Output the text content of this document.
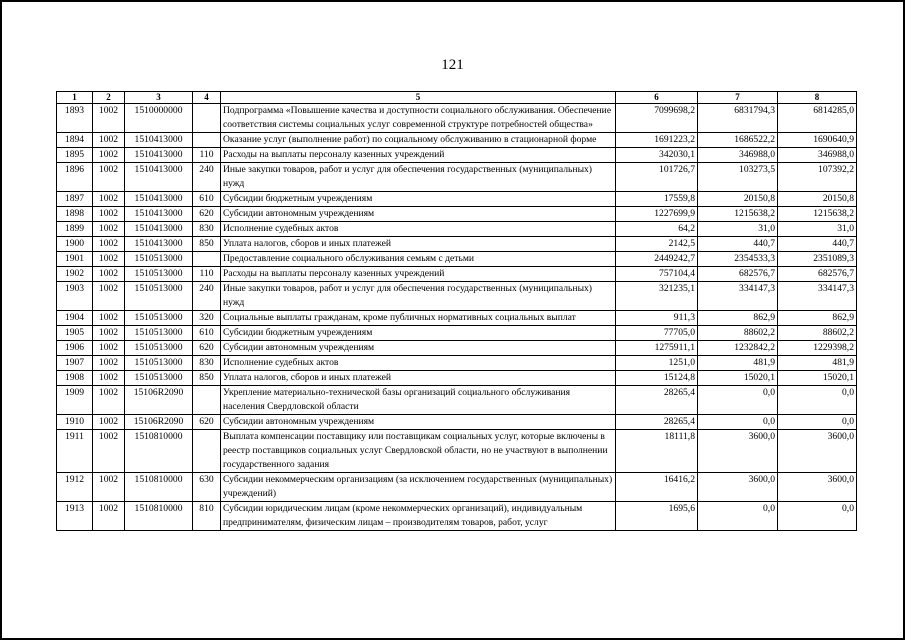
121
1	2	3	4	5	6	7	8
1893	1002	1510000000		Подпрограмма «Повышение качества и доступности социального обслуживания. Обеспечение соответствия системы социальных услуг современной структуре потребностей общества»	7099698,2	6831794,3	6814285,0
1894	1002	1510413000		Оказание услуг (выполнение работ) по социальному обслуживанию в стационарной форме	1691223,2	1686522,2	1690640,9
1895	1002	1510413000	110	Расходы на выплаты персоналу казенных учреждений	342030,1	346988,0	346988,0
1896	1002	1510413000	240	Иные закупки товаров, работ и услуг для обеспечения государственных (муниципальных) нужд	101726,7	103273,5	107392,2
1897	1002	1510413000	610	Субсидии бюджетным учреждениям	17559,8	20150,8	20150,8
1898	1002	1510413000	620	Субсидии автономным учреждениям	1227699,9	1215638,2	1215638,2
1899	1002	1510413000	830	Исполнение судебных актов	64,2	31,0	31,0
1900	1002	1510413000	850	Уплата налогов, сборов и иных платежей	2142,5	440,7	440,7
1901	1002	1510513000		Предоставление социального обслуживания семьям с детьми	2449242,7	2354533,3	2351089,3
1902	1002	1510513000	110	Расходы на выплаты персоналу казенных учреждений	757104,4	682576,7	682576,7
1903	1002	1510513000	240	Иные закупки товаров, работ и услуг для обеспечения государственных (муниципальных) нужд	321235,1	334147,3	334147,3
1904	1002	1510513000	320	Социальные выплаты гражданам, кроме публичных нормативных социальных выплат	911,3	862,9	862,9
1905	1002	1510513000	610	Субсидии бюджетным учреждениям	77705,0	88602,2	88602,2
1906	1002	1510513000	620	Субсидии автономным учреждениям	1275911,1	1232842,2	1229398,2
1907	1002	1510513000	830	Исполнение судебных актов	1251,0	481,9	481,9
1908	1002	1510513000	850	Уплата налогов, сборов и иных платежей	15124,8	15020,1	15020,1
1909	1002	15106R2090		Укрепление материально-технической базы организаций социального обслуживания населения Свердловской области	28265,4	0,0	0,0
1910	1002	15106R2090	620	Субсидии автономным учреждениям	28265,4	0,0	0,0
1911	1002	1510810000		Выплата компенсации поставщику или поставщикам социальных услуг, которые включены в реестр поставщиков социальных услуг Свердловской области, но не участвуют в выполнении государственного задания	18111,8	3600,0	3600,0
1912	1002	1510810000	630	Субсидии некоммерческим организациям (за исключением государственных (муниципальных) учреждений)	16416,2	3600,0	3600,0
1913	1002	1510810000	810	Субсидии юридическим лицам (кроме некоммерческих организаций), индивидуальным предпринимателям, физическим лицам – производителям товаров, работ, услуг	1695,6	0,0	0,0
